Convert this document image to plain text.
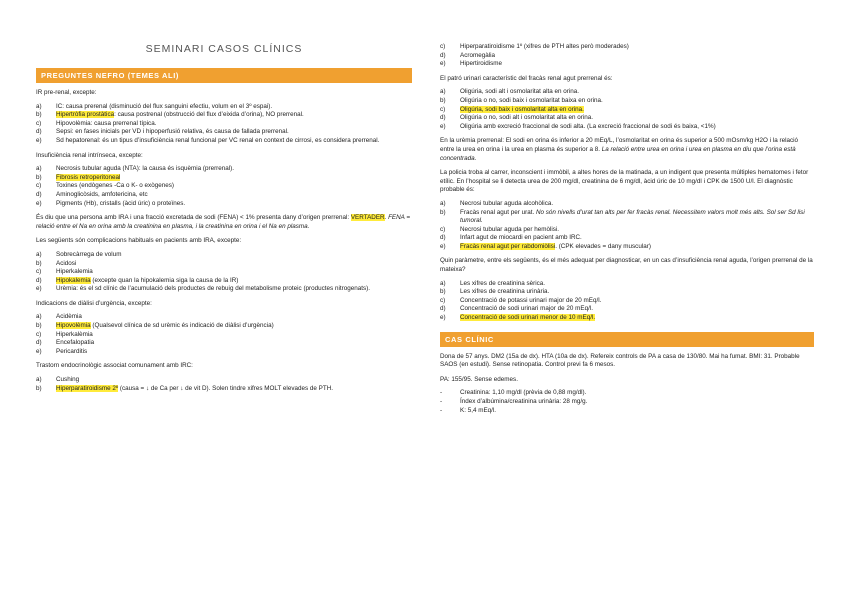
SEMINARI CASOS CLÍNICS
PREGUNTES NEFRO (TEMES ALI)

IR pre-renal, excepte:

a) IC: causa prerenal (disminució del flux sanguini efectiu, volum en el 3º espai).

b) Hipertròfia prostàtica: causa postrenal (obstrucció del flux d’eixida d’orina), NO prerrenal.

c) Hipovolèmia: causa prerrenal típica.

d) Sepsi: en fases inicials per VD i hipoperfusió relativa, és causa de fallada prerrenal.

e) Sd hepatorenal: és un tipus d’insuficiència renal funcional per VC renal en context de cirrosi, es considera prerrenal.

Insuficiència renal intrínseca, excepte:

a) Necrosis tubular aguda (NTA): la causa és isquèmia (prerrenal).

b) Fibrosis retroperitoneal

c) Toxines (endògenes -Ca o K- o exògenes)

d) Aminoglicòsids, amfotericina, etc

e) Pigments (Hb), cristalls (àcid úric) o proteïnes.

És diu que una persona amb IRA i una fracció excretada de sodi (FENA) < 1% presenta dany d’origen prerrenal: VERTADER. FENA = relació entre el Na en orina amb la creatinina en plasma, i la creatinina en orina i el Na en plasma.

Les següents són complicacions habituals en pacients amb IRA, excepte:

a) Sobrecàrrega de volum

b) Acidosi

c) Hiperkalemia

d) Hipokalemia (excepte quan la hipokalemia siga la causa de la IR)

e) Urèmia: és el sd clínic de l’acumulació dels productes de rebuig del metabolisme proteic (productes nitrogenats).

Indicacions de diàlisi d’urgència, excepte:

a) Acidèmia

b) Hipovolèmia (Qualsevol clínica de sd urèmic és indicació de diàlisi d’urgència)

c) Hiperkalèmia

d) Encefalopatia

e) Pericarditis

Trastorn endocrinològic associat comunament amb IRC:

a) Cushing

b) Hiperparatiroidisme 2º (causa = ↓ de Ca per ↓ de vit D). Solen tindre xifres MOLT elevades de PTH.

c) Hiperparatiroidisme 1º (xifres de PTH altes però moderades)

d) Acromegàlia

e) Hipertiroidisme

El patró urinari característic del fracàs renal agut prerrenal és:

a) Oligúria, sodi alt i osmolaritat alta en orina.

b) Oligúria o no, sodi baix i osmolaritat baixa en orina.

c) Oligúria, sodi baix i osmolaritat alta en orina.

d) Oligúria o no, sodi alt i osmolaritat alta en orina.

e) Oligúria amb excreció fraccional de sodi alta. (La excreció fraccional de sodi és baixa, <1%)

En la urèmia prerrenal: El sodi en orina és inferior a 20 mEq/L, l’osmolaritat en orina és superior a 500 mOsm/kg H2O i la relació entre la urea en orina i la urea en plasma és superior a 8. La relació entre urea en orina i urea en plasma en diu que l’orina està concentrada.

La policia troba al carrer, inconscient i immòbil, a altes hores de la matinada, a un indigent que presenta múltiples hematomes i fetor etílic. En l’hospital se li detecta urea de 200 mg/dl, creatinina de 6 mg/dl, àcid úric de 10 mg/dl i CPK de 1500 U/l. El diagnòstic probable és:

a) Necrosi tubular aguda alcohòlica.

b) Fracàs renal agut per urat. No són nivells d’urat tan alts per fer fracàs renal. Necessitem valors molt més alts. Sol ser Sd lisi tumoral.

c) Necrosi tubular aguda per hemòlisi.

d) Infart agut de miocardi en pacient amb IRC.

e) Fracàs renal agut per rabdomiòlisi. (CPK elevades = dany muscular)

Quin paràmetre, entre els següents, és el més adequat per diagnosticar, en un cas d’insuficiència renal aguda, l’origen prerrenal de la mateixa?

a) Les xifres de creatinina sèrica.

b) Les xifres de creatinina urinària.

c) Concentració de potassi urinari major de 20 mEq/l.

d) Concentració de sodi urinari major de 20 mEq/l.

e) Concentració de sodi urinari menor de 10 mEq/l.

CAS CLÍNIC

Dona de 57 anys. DM2 (15a de dx). HTA (10a de dx). Refereix controls de PA a casa de 130/80. Mai ha fumat. BMI: 31. Probable SAOS (en estudi). Sense retinopatia. Control previ fa 6 mesos.

PA: 155/95. Sense edemes.

-	Creatinina: 1,10 mg/dl (prèvia de 0,88 mg/dl).

-	Índex d’albúmina/creatinina urinària: 28 mg/g.

-	K: 5,4 mEq/l.
